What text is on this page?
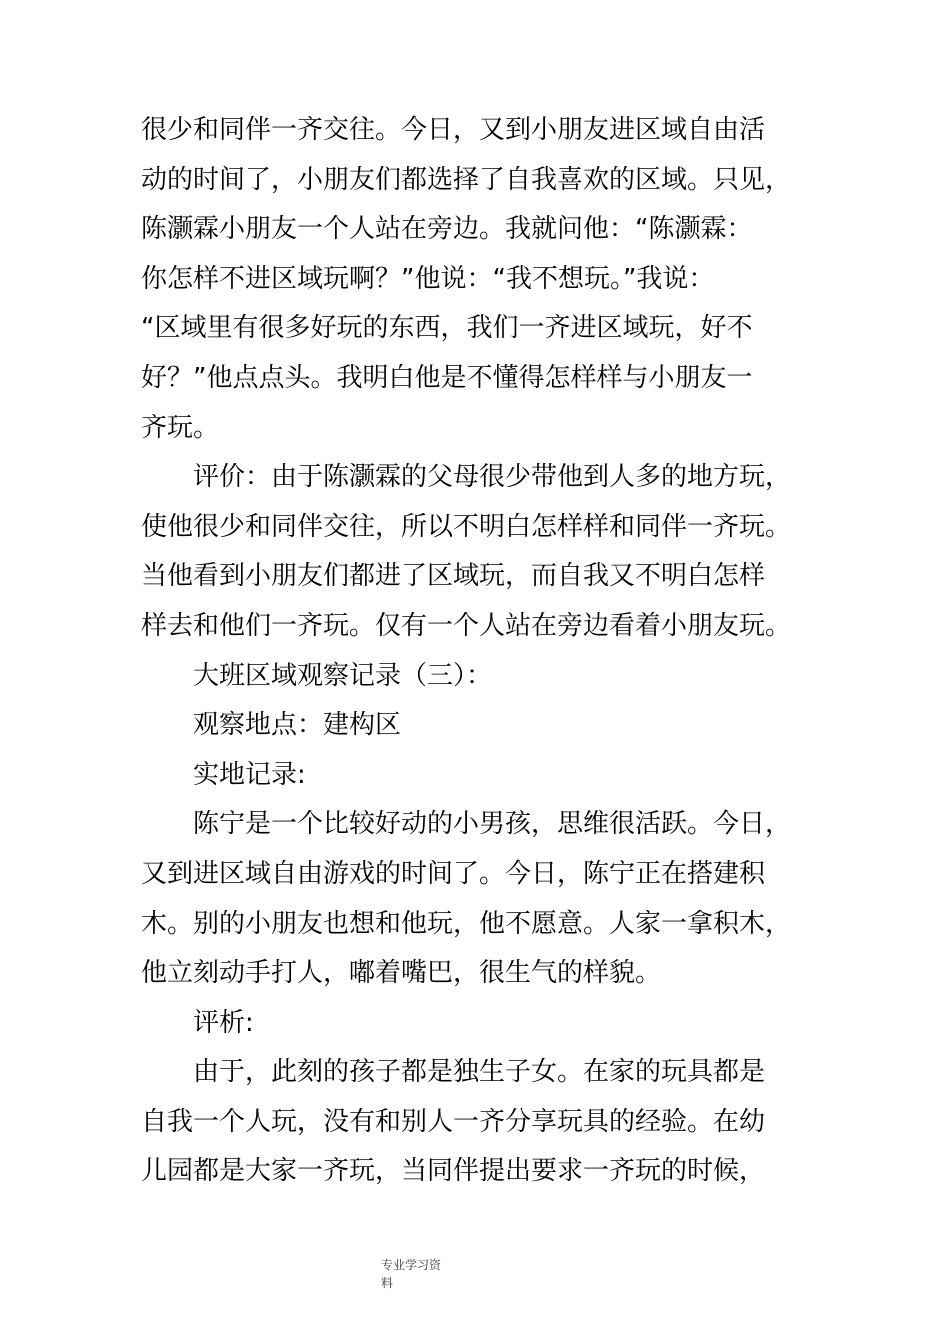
很少和同伴一齐交往。今日，又到小朋友进区域自由活
动的时间了，小朋友们都选择了自我喜欢的区域。只见，
陈灏霖小朋友一个人站在旁边。我就问他：“陈灏霖：
你怎样不进区域玩啊？”他说：“我不想玩。”我说：
“区域里有很多好玩的东西，我们一齐进区域玩，好不
好？”他点点头。我明白他是不懂得怎样样与小朋友一
齐玩。
评价：由于陈灏霖的父母很少带他到人多的地方玩，
使他很少和同伴交往，所以不明白怎样样和同伴一齐玩。
当他看到小朋友们都进了区域玩，而自我又不明白怎样
样去和他们一齐玩。仅有一个人站在旁边看着小朋友玩。
大班区域观察记录（三）：
观察地点：建构区
实地记录:
陈宁是一个比较好动的小男孩，思维很活跃。今日，
又到进区域自由游戏的时间了。今日，陈宁正在搭建积
木。别的小朋友也想和他玩，他不愿意。人家一拿积木，
他立刻动手打人，嘟着嘴巴，很生气的样貌。
评析:
由于，此刻的孩子都是独生子女。在家的玩具都是
自我一个人玩，没有和别人一齐分享玩具的经验。在幼
儿园都是大家一齐玩，当同伴提出要求一齐玩的时候，
专业学习资
料
